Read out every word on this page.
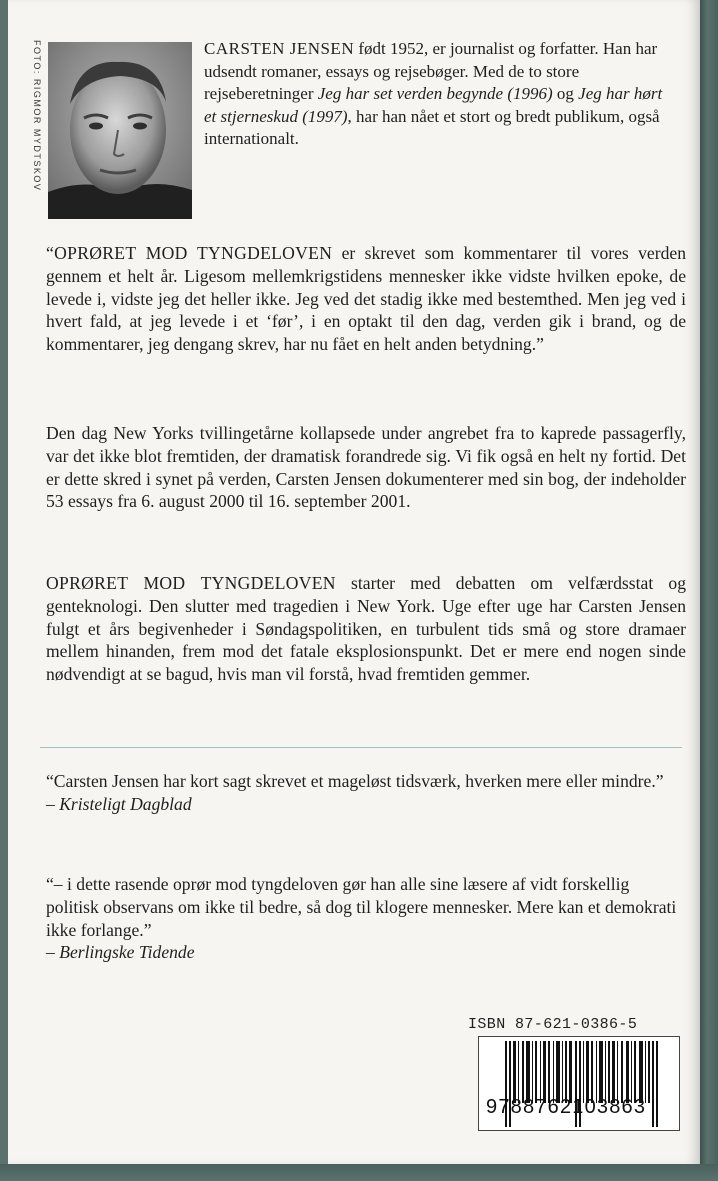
FOTO: RIGMOR MYDTSKOV	CARSTEN JENSEN født 1952, er journalist og forfatter. Han har udsendt romaner, essays og rejsebøger. Med de to store rejseberetninger Jeg har set verden begynde (1996) og Jeg har hørt et stjerneskud (1997), har han nået et stort og bredt publikum, også internationalt.
“OPRØRET MOD TYNGDELOVEN er skrevet som kommentarer til vores verden gennem et helt år. Ligesom mellemkrigstidens mennesker ikke vidste hvilken epoke, de levede i, vidste jeg det heller ikke. Jeg ved det stadig ikke med bestemthed. Men jeg ved i hvert fald, at jeg levede i et ‘før’, i en optakt til den dag, verden gik i brand, og de kommentarer, jeg dengang skrev, har nu fået en helt anden betydning.”
Den dag New Yorks tvillingetårne kollapsede under angrebet fra to kaprede passagerfly, var det ikke blot fremtiden, der dramatisk forandrede sig. Vi fik også en helt ny fortid. Det er dette skred i synet på verden, Carsten Jensen dokumenterer med sin bog, der indeholder 53 essays fra 6. august 2000 til 16. september 2001.
OPRØRET MOD TYNGDELOVEN starter med debatten om velfærdsstat og genteknologi. Den slutter med tragedien i New York. Uge efter uge har Carsten Jensen fulgt et års begivenheder i Søndagspolitiken, en turbulent tids små og store dramaer mellem hinanden, frem mod det fatale eksplosionspunkt. Det er mere end nogen sinde nødvendigt at se bagud, hvis man vil forstå, hvad fremtiden gemmer.

“Carsten Jensen har kort sagt skrevet et mageløst tidsværk, hverken mere eller mindre.”

– Kristeligt Dagblad

“– i dette rasende oprør mod tyngdeloven gør han alle sine læsere af vidt forskellig politisk observans om ikke til bedre, så dog til klogere mennesker. Mere kan et demokrati ikke forlange.”

– Berlingske Tidende

ISBN 87-621-0386-5
9788762103863
